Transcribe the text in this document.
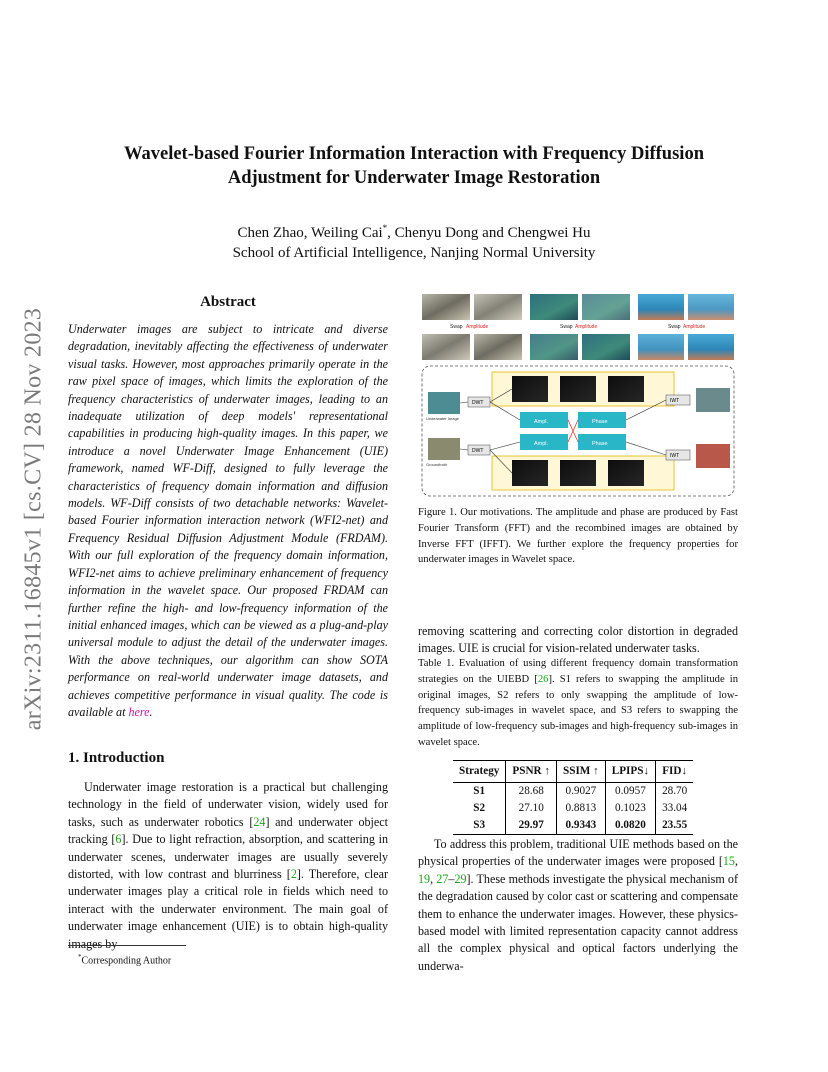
arXiv:2311.16845v1 [cs.CV] 28 Nov 2023
Wavelet-based Fourier Information Interaction with Frequency Diffusion
Adjustment for Underwater Image Restoration
Chen Zhao, Weiling Cai*, Chenyu Dong and Chengwei Hu
School of Artificial Intelligence, Nanjing Normal University
Abstract
Underwater images are subject to intricate and diverse degradation, inevitably affecting the effectiveness of underwater visual tasks. However, most approaches primarily operate in the raw pixel space of images, which limits the exploration of the frequency characteristics of underwater images, leading to an inadequate utilization of deep models' representational capabilities in producing high-quality images. In this paper, we introduce a novel Underwater Image Enhancement (UIE) framework, named WF-Diff, designed to fully leverage the characteristics of frequency domain information and diffusion models. WF-Diff consists of two detachable networks: Wavelet-based Fourier information interaction network (WFI2-net) and Frequency Residual Diffusion Adjustment Module (FRDAM). With our full exploration of the frequency domain information, WFI2-net aims to achieve preliminary enhancement of frequency information in the wavelet space. Our proposed FRDAM can further refine the high- and low-frequency information of the initial enhanced images, which can be viewed as a plug-and-play universal module to adjust the detail of the underwater images. With the above techniques, our algorithm can show SOTA performance on real-world underwater image datasets, and achieves competitive performance in visual quality. The code is available at here.
1. Introduction
Underwater image restoration is a practical but challenging technology in the field of underwater vision, widely used for tasks, such as underwater robotics [24] and underwater object tracking [6]. Due to light refraction, absorption, and scattering in underwater scenes, underwater images are usually severely distorted, with low contrast and blurriness [2]. Therefore, clear underwater images play a critical role in fields which need to interact with the underwater environment. The main goal of underwater image enhancement (UIE) is to obtain high-quality images by
*Corresponding Author
Swap Amplitude	Swap Amplitude	Swap Amplitude
Underwater Image
Groundtruth
DWT
DWT
Ampl.	Phase
Ampl.	Phase
IWT
IWT
Figure 1. Our motivations. The amplitude and phase are produced by Fast Fourier Transform (FFT) and the recombined images are obtained by Inverse FFT (IFFT). We further explore the frequency properties for underwater images in Wavelet space.
removing scattering and correcting color distortion in degraded images. UIE is crucial for vision-related underwater tasks.
Table 1. Evaluation of using different frequency domain transformation strategies on the UIEBD [26]. S1 refers to swapping the amplitude in original images, S2 refers to only swapping the amplitude of low-frequency sub-images in wavelet space, and S3 refers to swapping the amplitude of low-frequency sub-images and high-frequency sub-images in wavelet space.
Strategy	PSNR ↑	SSIM ↑	LPIPS↓	FID↓
S1	28.68	0.9027	0.0957	28.70
S2	27.10	0.8813	0.1023	33.04
S3	29.97	0.9343	0.0820	23.55
To address this problem, traditional UIE methods based on the physical properties of the underwater images were proposed [15, 19, 27–29]. These methods investigate the physical mechanism of the degradation caused by color cast or scattering and compensate them to enhance the underwater images. However, these physics-based model with limited representation capacity cannot address all the complex physical and optical factors underlying the underwa-
